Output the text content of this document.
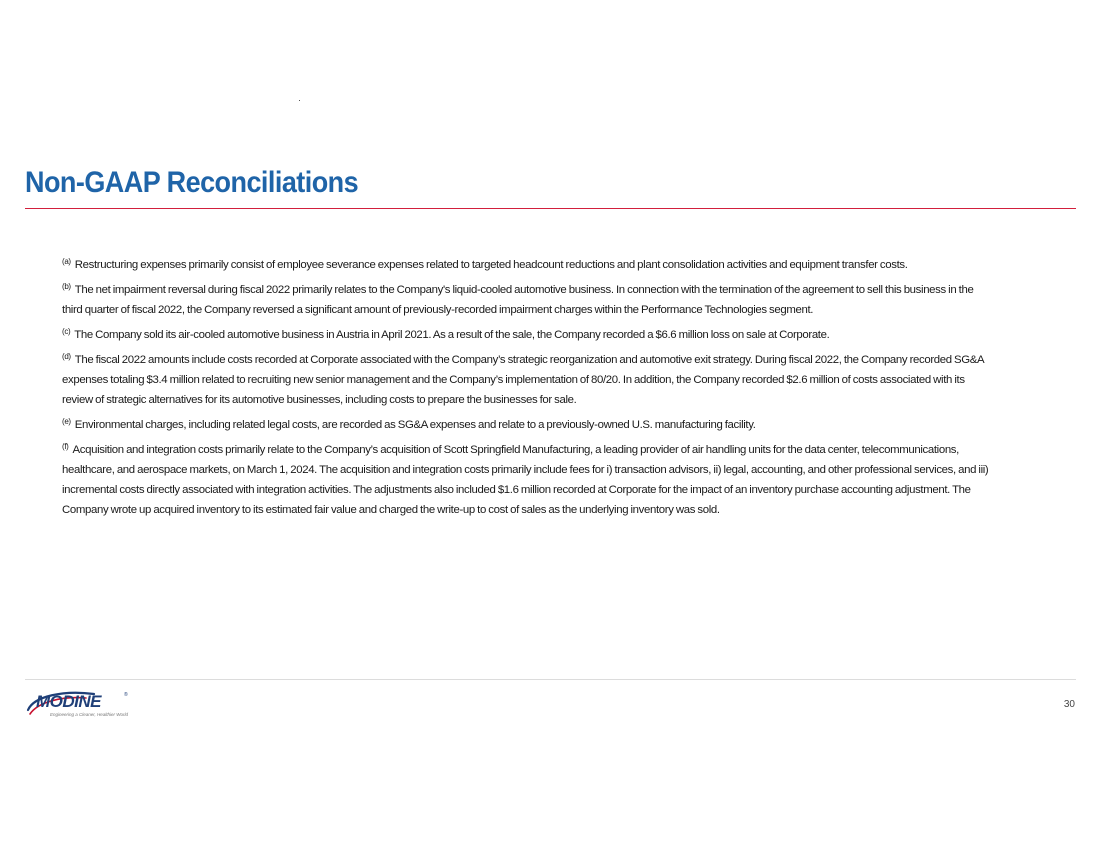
Non-GAAP Reconciliations

$^{(a)}$ Restructuring expenses primarily consist of employee severance expenses related to targeted headcount reductions and plant consolidation activities and equipment transfer costs.

$^{(b)}$ The net impairment reversal during fiscal 2022 primarily relates to the Company's liquid-cooled automotive business. In connection with the termination of the agreement to sell this business in the third quarter of fiscal 2022, the Company reversed a significant amount of previously-recorded impairment charges within the Performance Technologies segment.

$^{(c)}$ The Company sold its air-cooled automotive business in Austria in April 2021. As a result of the sale, the Company recorded a $6.6 million loss on sale at Corporate.

$^{(d)}$ The fiscal 2022 amounts include costs recorded at Corporate associated with the Company’s strategic reorganization and automotive exit strategy. During fiscal 2022, the Company recorded SG&A expenses totaling $3.4 million related to recruiting new senior management and the Company’s implementation of 80/20. In addition, the Company recorded $2.6 million of costs associated with its review of strategic alternatives for its automotive businesses, including costs to prepare the businesses for sale.

$^{(e)}$ Environmental charges, including related legal costs, are recorded as SG&A expenses and relate to a previously-owned U.S. manufacturing facility.

$^{(f)}$ Acquisition and integration costs primarily relate to the Company’s acquisition of Scott Springfield Manufacturing, a leading provider of air handling units for the data center, telecommunications, healthcare, and aerospace markets, on March 1, 2024. The acquisition and integration costs primarily include fees for i) transaction advisors, ii) legal, accounting, and other professional services, and iii) incremental costs directly associated with integration activities. The adjustments also included $1.6 million recorded at Corporate for the impact of an inventory purchase accounting adjustment. The Company wrote up acquired inventory to its estimated fair value and charged the write-up to cost of sales as the underlying inventory was sold.

MODINE	®
Engineering a Cleaner, Healthier World
30
